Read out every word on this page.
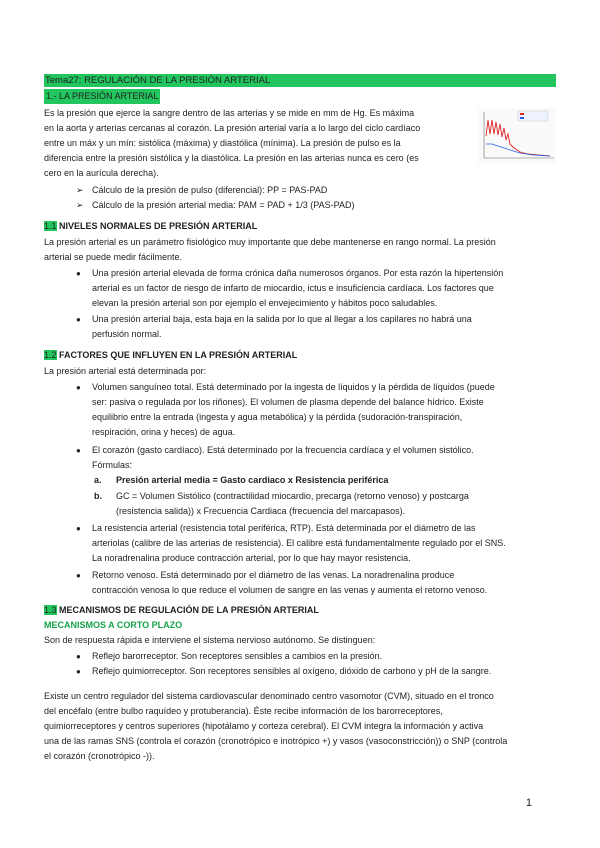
Tema27: REGULACIÓN DE LA PRESIÓN ARTERIAL
1.- LA PRESIÓN ARTERIAL
Es la presión que ejerce la sangre dentro de las arterias y se mide en mm de Hg. Es máxima
en la aorta y arterias cercanas al corazón. La presión arterial varía a lo largo del ciclo cardíaco
entre un máx y un mín: sistólica (máxima) y diastólica (mínima). La presión de pulso es la
diferencia entre la presión sistólica y la diastólica. La presión en las arterias nunca es cero (es
cero en la aurícula derecha).
➢ Cálculo de la presión de pulso (diferencial): PP = PAS-PAD
➢ Cálculo de la presión arterial media: PAM = PAD + 1/3 (PAS-PAD)
1.1 NIVELES NORMALES DE PRESIÓN ARTERIAL
La presión arterial es un parámetro fisiológico muy importante que debe mantenerse en rango normal. La presión
arterial se puede medir fácilmente.
● Una presión arterial elevada de forma crónica daña numerosos órganos. Por esta razón la hipertensión
arterial es un factor de riesgo de infarto de miocardio, ictus e insuficiencia cardíaca. Los factores que
elevan la presión arterial son por ejemplo el envejecimiento y hábitos poco saludables.
● Una presión arterial baja, esta baja en la salida por lo que al llegar a los capilares no habrá una
perfusión normal.
1.2 FACTORES QUE INFLUYEN EN LA PRESIÓN ARTERIAL
La presión arterial está determinada por:
● Volumen sanguíneo total. Está determinado por la ingesta de líquidos y la pérdida de líquidos (puede
ser: pasiva o regulada por los riñones). El volumen de plasma depende del balance hídrico. Existe
equilibrio entre la entrada (ingesta y agua metabólica) y la pérdida (sudoración-transpiración,
respiración, orina y heces) de agua.
● El corazón (gasto cardíaco). Está determinado por la frecuencia cardíaca y el volumen sistólico.
Fórmulas:
a. Presión arterial media = Gasto cardiaco x Resistencia periférica
b. GC = Volumen Sistólico (contractilidad miocardio, precarga (retorno venoso) y postcarga
(resistencia salida)) x Frecuencia Cardiaca (frecuencia del marcapasos).
● La resistencia arterial (resistencia total periférica, RTP). Está determinada por el diámetro de las
arteriolas (calibre de las arterias de resistencia). El calibre está fundamentalmente regulado por el SNS.
La noradrenalina produce contracción arterial, por lo que hay mayor resistencia.
● Retorno venoso. Está determinado por el diámetro de las venas. La noradrenalina produce
contracción venosa lo que reduce el volumen de sangre en las venas y aumenta el retorno venoso.
1.3 MECANISMOS DE REGULACIÓN DE LA PRESIÓN ARTERIAL
MECANISMOS A CORTO PLAZO
Son de respuesta rápida e interviene el sistema nervioso autónomo. Se distinguen:
● Reflejo barorreceptor. Son receptores sensibles a cambios en la presión.
● Reflejo quimiorreceptor. Son receptores sensibles al oxígeno, dióxido de carbono y pH de la sangre.
Existe un centro regulador del sistema cardiovascular denominado centro vasomotor (CVM), situado en el tronco
del encéfalo (entre bulbo raquídeo y protuberancia). Éste recibe información de los barorreceptores,
quimiorreceptores y centros superiores (hipotálamo y corteza cerebral). El CVM integra la información y activa
una de las ramas SNS (controla el corazón (cronotrópico e inotrópico +) y vasos (vasoconstricción)) o SNP (controla
el corazón (cronotrópico -)).
1
